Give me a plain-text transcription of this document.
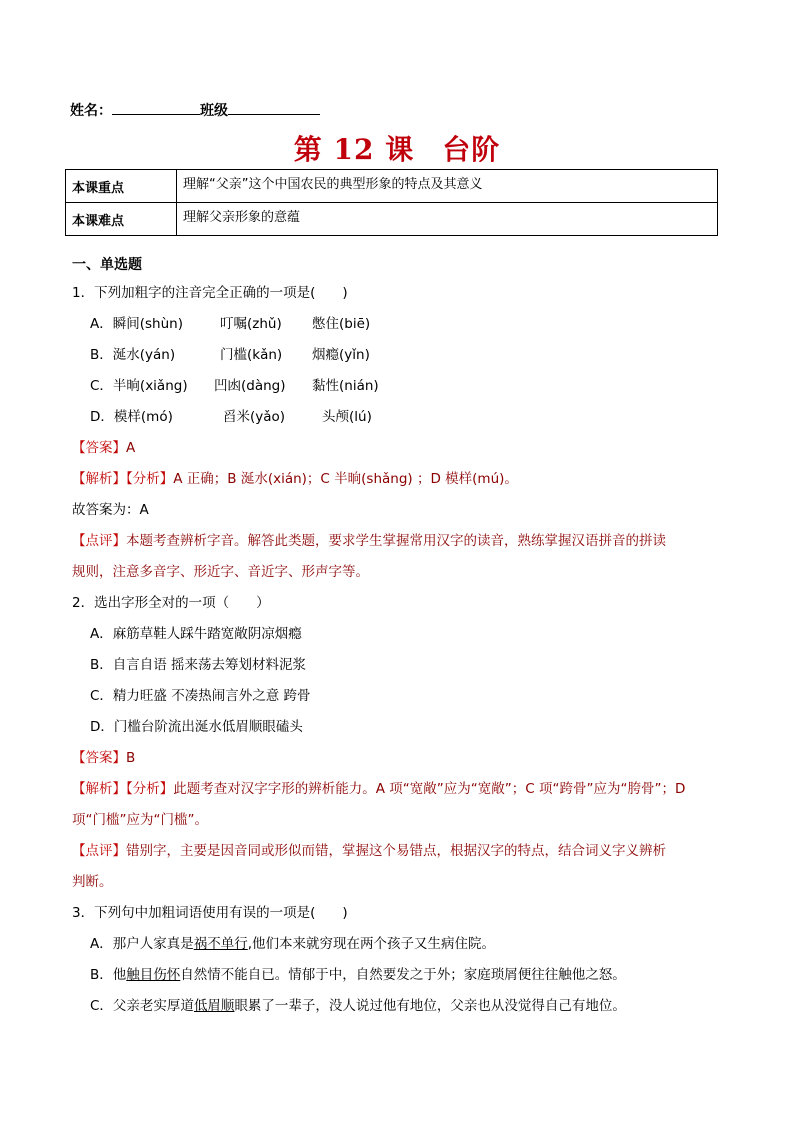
姓名：	班级
第 12 课 台阶
本课重点	理解“父亲”这个中国农民的典型形象的特点及其意义
本课难点	理解父亲形象的意蕴
一、单选题
1．下列加粗字的注音完全正确的一项是(　　)
A．瞬间(shùn)	叮嘱(zhǔ) 憋住(biē)
B．涎水(yán)	门槛(kǎn) 烟瘾(yǐn)
C．半晌(xiǎng) 凹凼(dàng) 黏性(nián)
D．模样(mó)	舀米(yǎo)	头颅(lú)
【答案】A
【解析】【分析】A 正确；B 涎水(xián)；C 半晌(shǎng) ；D 模样(mú)。
故答案为：A
【点评】本题考查辨析字音。解答此类题，要求学生掌握常用汉字的读音，熟练掌握汉语拼音的拼读
规则，注意多音字、形近字、音近字、形声字等。
2．选出字形全对的一项（　　）
A．麻筋草鞋人踩牛踏宽敞阴凉烟瘾
B．自言自语 摇来荡去筹划材料泥浆
C．精力旺盛 不凑热闹言外之意 跨骨
D．门槛台阶流出涎水低眉顺眼磕头
【答案】B
【解析】【分析】此题考查对汉字字形的辨析能力。A 项“宽敞”应为“宽敞”；C 项“跨骨”应为“胯骨”；D
项“门槛”应为“门槛”。
【点评】错别字，主要是因音同或形似而错，掌握这个易错点，根据汉字的特点，结合词义字义辨析
判断。
3．下列句中加粗词语使用有误的一项是(　　)
A．那户人家真是祸不单行,他们本来就穷现在两个孩子又生病住院。
B．他触目伤怀自然情不能自已。情郁于中，自然要发之于外；家庭琐屑便往往触他之怒。
C．父亲老实厚道低眉顺眼累了一辈子，没人说过他有地位，父亲也从没觉得自己有地位。
